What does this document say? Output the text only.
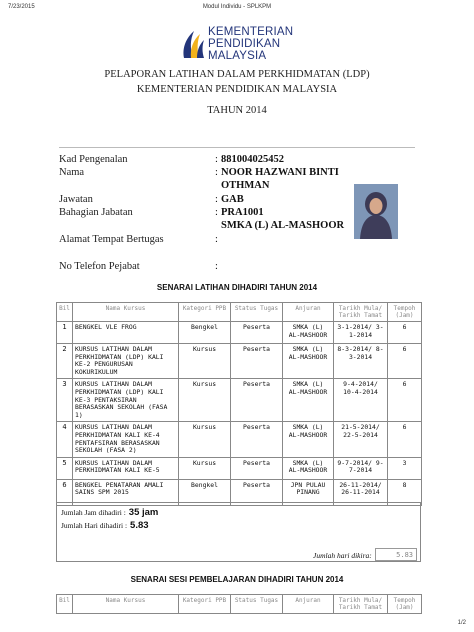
7/23/2015	Modul Individu - SPLKPM
1/2
KEMENTERIAN
PENDIDIKAN
MALAYSIA
PELAPORAN LATIHAN DALAM PERKHIDMATAN (LDP)
KEMENTERIAN PENDIDIKAN MALAYSIA
TAHUN 2014
Kad Pengenalan	: 881004025452
Nama	: NOOR HAZWANI BINTI
OTHMAN
Jawatan	: GAB
Bahagian Jabatan	: PRA1001
SMKA (L) AL-MASHOOR
Alamat Tempat Bertugas	:
No Telefon Pejabat	:
SENARAI LATIHAN DIHADIRI TAHUN 2014
Bil	Nama Kursus	Kategori PPB	Status Tugas	Anjuran	Tarikh Mula/ Tarikh Tamat	Tempoh (Jam)
1	BENGKEL VLE FROG	Bengkel	Peserta	SMKA (L) AL-MASHOOR	3-1-2014/ 3-1-2014	6
2	KURSUS LATIHAN DALAM PERKHIDMATAN (LDP) KALI KE-2 PENGURUSAN KOKURIKULUM	Kursus	Peserta	SMKA (L) AL-MASHOOR	8-3-2014/ 8-3-2014	6
3	KURSUS LATIHAN DALAM PERKHIDMATAN (LDP) KALI KE-3 PENTAKSIRAN BERASASKAN SEKOLAH (FASA 1)	Kursus	Peserta	SMKA (L) AL-MASHOOR	9-4-2014/ 10-4-2014	6
4	KURSUS LATIHAN DALAM PERKHIDMATAN KALI KE-4 PENTAFSIRAN BERASASKAN SEKOLAH (FASA 2)	Kursus	Peserta	SMKA (L) AL-MASHOOR	21-5-2014/ 22-5-2014	6
5	KURSUS LATIHAN DALAM PERKHIDMATAN KALI KE-5	Kursus	Peserta	SMKA (L) AL-MASHOOR	9-7-2014/ 9-7-2014	3
6	BENGKEL PENATARAN AMALI SAINS SPM 2015	Bengkel	Peserta	JPN PULAU PINANG	26-11-2014/ 26-11-2014	8
Jumlah Jam dihadiri : 35 jam
Jumlah Hari dihadiri : 5.83
Jumlah hari dikira:	5.83
SENARAI SESI PEMBELAJARAN DIHADIRI TAHUN 2014
Bil	Nama Kursus	Kategori PPB	Status Tugas	Anjuran	Tarikh Mula/ Tarikh Tamat	Tempoh (Jam)
